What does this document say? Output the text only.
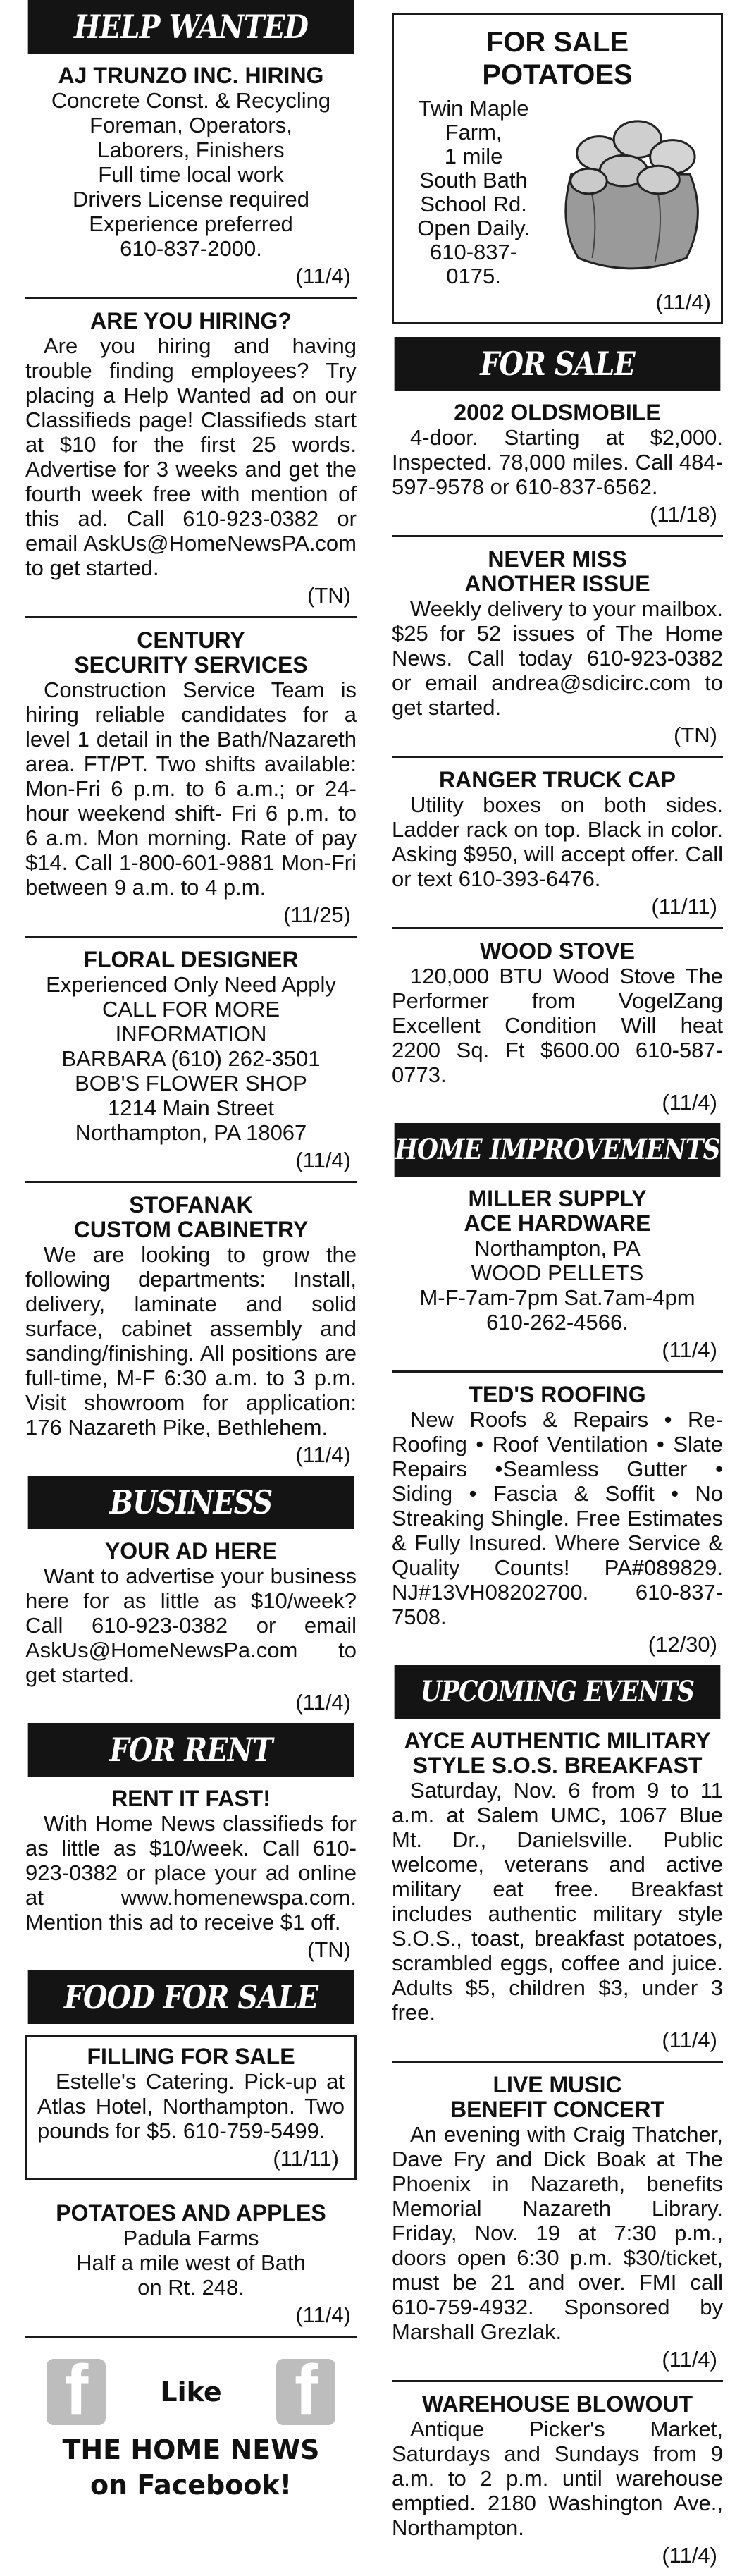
HELP WANTED
AJ TRUNZO INC. HIRING
Concrete Const. & Recycling
Foreman, Operators,
Laborers, Finishers
Full time local work
Drivers License required
Experience preferred
610-837-2000.
(11/4)
ARE YOU HIRING?
Are you hiring and having trouble finding employees? Try placing a Help Wanted ad on our Classifieds page! Classifieds start at $10 for the first 25 words. Advertise for 3 weeks and get the fourth week free with mention of this ad. Call 610-923-0382 or email AskUs@HomeNewsPA.com to get started.
(TN)
CENTURY
SECURITY SERVICES
Construction Service Team is hiring reliable candidates for a level 1 detail in the Bath/Nazareth area. FT/PT. Two shifts available: Mon-Fri 6 p.m. to 6 a.m.; or 24-hour weekend shift- Fri 6 p.m. to 6 a.m. Mon morning. Rate of pay $14. Call 1-800-601-9881 Mon-Fri between 9 a.m. to 4 p.m.
(11/25)
FLORAL DESIGNER
Experienced Only Need Apply
CALL FOR MORE
INFORMATION
BARBARA (610) 262-3501
BOB'S FLOWER SHOP
1214 Main Street
Northampton, PA 18067
(11/4)
STOFANAK
CUSTOM CABINETRY
We are looking to grow the following departments: Install, delivery, laminate and solid surface, cabinet assembly and sanding/finishing. All positions are full-time, M-F 6:30 a.m. to 3 p.m. Visit showroom for application: 176 Nazareth Pike, Bethlehem.
(11/4)
BUSINESS
YOUR AD HERE
Want to advertise your business here for as little as $10/week? Call 610-923-0382 or email AskUs@HomeNewsPa.com to get started.
(11/4)
FOR RENT
RENT IT FAST!
With Home News classifieds for as little as $10/week. Call 610-923-0382 or place your ad online at www.homenewspa.com. Mention this ad to receive $1 off.
(TN)
FOOD FOR SALE
FILLING FOR SALE
Estelle's Catering. Pick-up at Atlas Hotel, Northampton. Two pounds for $5. 610-759-5499.
(11/11)
POTATOES AND APPLES
Padula Farms
Half a mile west of Bath
on Rt. 248.
(11/4)
f	Like f
THE HOME NEWS
on Facebook!
FOR SALE
POTATOES
Twin Maple
Farm,
1 mile
South Bath
School Rd.
Open Daily.
610-837-0175.
(11/4)
FOR SALE
2002 OLDSMOBILE
4-door. Starting at $2,000. Inspected. 78,000 miles. Call 484-597-9578 or 610-837-6562.
(11/18)
NEVER MISS
ANOTHER ISSUE
Weekly delivery to your mailbox. $25 for 52 issues of The Home News. Call today 610-923-0382 or email andrea@sdicirc.com to get started.
(TN)
RANGER TRUCK CAP
Utility boxes on both sides. Ladder rack on top. Black in color. Asking $950, will accept offer. Call or text 610-393-6476.
(11/11)
WOOD STOVE
120,000 BTU Wood Stove The Performer from VogelZang Excellent Condition Will heat 2200 Sq. Ft $600.00 610-587-0773.
(11/4)
HOME IMPROVEMENTS
MILLER SUPPLY
ACE HARDWARE
Northampton, PA
WOOD PELLETS
M-F-7am-7pm Sat.7am-4pm
610-262-4566.
(11/4)
TED'S ROOFING
New Roofs & Repairs • Re-Roofing • Roof Ventilation • Slate Repairs •Seamless Gutter • Siding • Fascia & Soffit • No Streaking Shingle. Free Estimates & Fully Insured. Where Service & Quality Counts! PA#089829. NJ#13VH08202700. 610-837-7508.
(12/30)
UPCOMING EVENTS
AYCE AUTHENTIC MILITARY
STYLE S.O.S. BREAKFAST
Saturday, Nov. 6 from 9 to 11 a.m. at Salem UMC, 1067 Blue Mt. Dr., Danielsville. Public welcome, veterans and active military eat free. Breakfast includes authentic military style S.O.S., toast, breakfast potatoes, scrambled eggs, coffee and juice. Adults $5, children $3, under 3 free.
(11/4)
LIVE MUSIC
BENEFIT CONCERT
An evening with Craig Thatcher, Dave Fry and Dick Boak at The Phoenix in Nazareth, benefits Memorial Nazareth Library. Friday, Nov. 19 at 7:30 p.m., doors open 6:30 p.m. $30/ticket, must be 21 and over. FMI call 610-759-4932. Sponsored by Marshall Grezlak.
(11/4)
WAREHOUSE BLOWOUT
Antique Picker's Market, Saturdays and Sundays from 9 a.m. to 2 p.m. until warehouse emptied. 2180 Washington Ave., Northampton.
(11/4)
